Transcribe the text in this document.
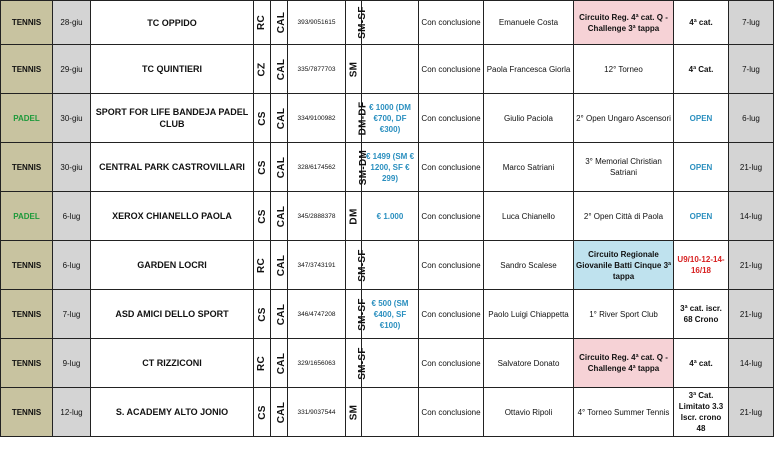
TENNIS	28-giu	TC OPPIDO	RC	CAL	393/9051615	SM-SF		Con conclusione	Emanuele Costa	Circuito Reg. 4ª cat. Q - Challenge 3ª tappa	4ª cat.	7-lug
TENNIS	29-giu	TC QUINTIERI	CZ	CAL	335/7877703	SM		Con conclusione	Paola Francesca Giorla	12° Torneo	4ª Cat.	7-lug
PADEL	30-giu	SPORT FOR LIFE BANDEJA PADEL CLUB	CS	CAL	334/9100982	DM-DF	€ 1000 (DM €700, DF €300)	Con conclusione	Giulio Paciola	2° Open Ungaro Ascensori	OPEN	6-lug
TENNIS	30-giu	CENTRAL PARK CASTROVILLARI	CS	CAL	328/6174562	SM-DM	€ 1499 (SM € 1200, SF € 299)	Con conclusione	Marco Satriani	3° Memorial Christian Satriani	OPEN	21-lug
PADEL	6-lug	XEROX CHIANELLO PAOLA	CS	CAL	345/2888378	DM	€ 1.000	Con conclusione	Luca Chianello	2° Open Città di Paola	OPEN	14-lug
TENNIS	6-lug	GARDEN LOCRI	RC	CAL	347/3743191	SM-SF		Con conclusione	Sandro Scalese	Circuito Regionale Giovanile Batti Cinque 3ª tappa	U9/10-12-14-16/18	21-lug
TENNIS	7-lug	ASD AMICI DELLO SPORT	CS	CAL	346/4747208	SM-SF	€ 500 (SM €400, SF €100)	Con conclusione	Paolo Luigi Chiappetta	1° River Sport Club	3ª cat. iscr. 68 Crono	21-lug
TENNIS	9-lug	CT RIZZICONI	RC	CAL	329/1656063	SM-SF		Con conclusione	Salvatore Donato	Circuito Reg. 4ª cat. Q - Challenge 4ª tappa	4ª cat.	14-lug
TENNIS	12-lug	S. ACADEMY ALTO JONIO	CS	CAL	331/9037544	SM		Con conclusione	Ottavio Ripoli	4° Torneo Summer Tennis	3ª Cat. Limitato 3.3 Iscr. crono 48	21-lug
